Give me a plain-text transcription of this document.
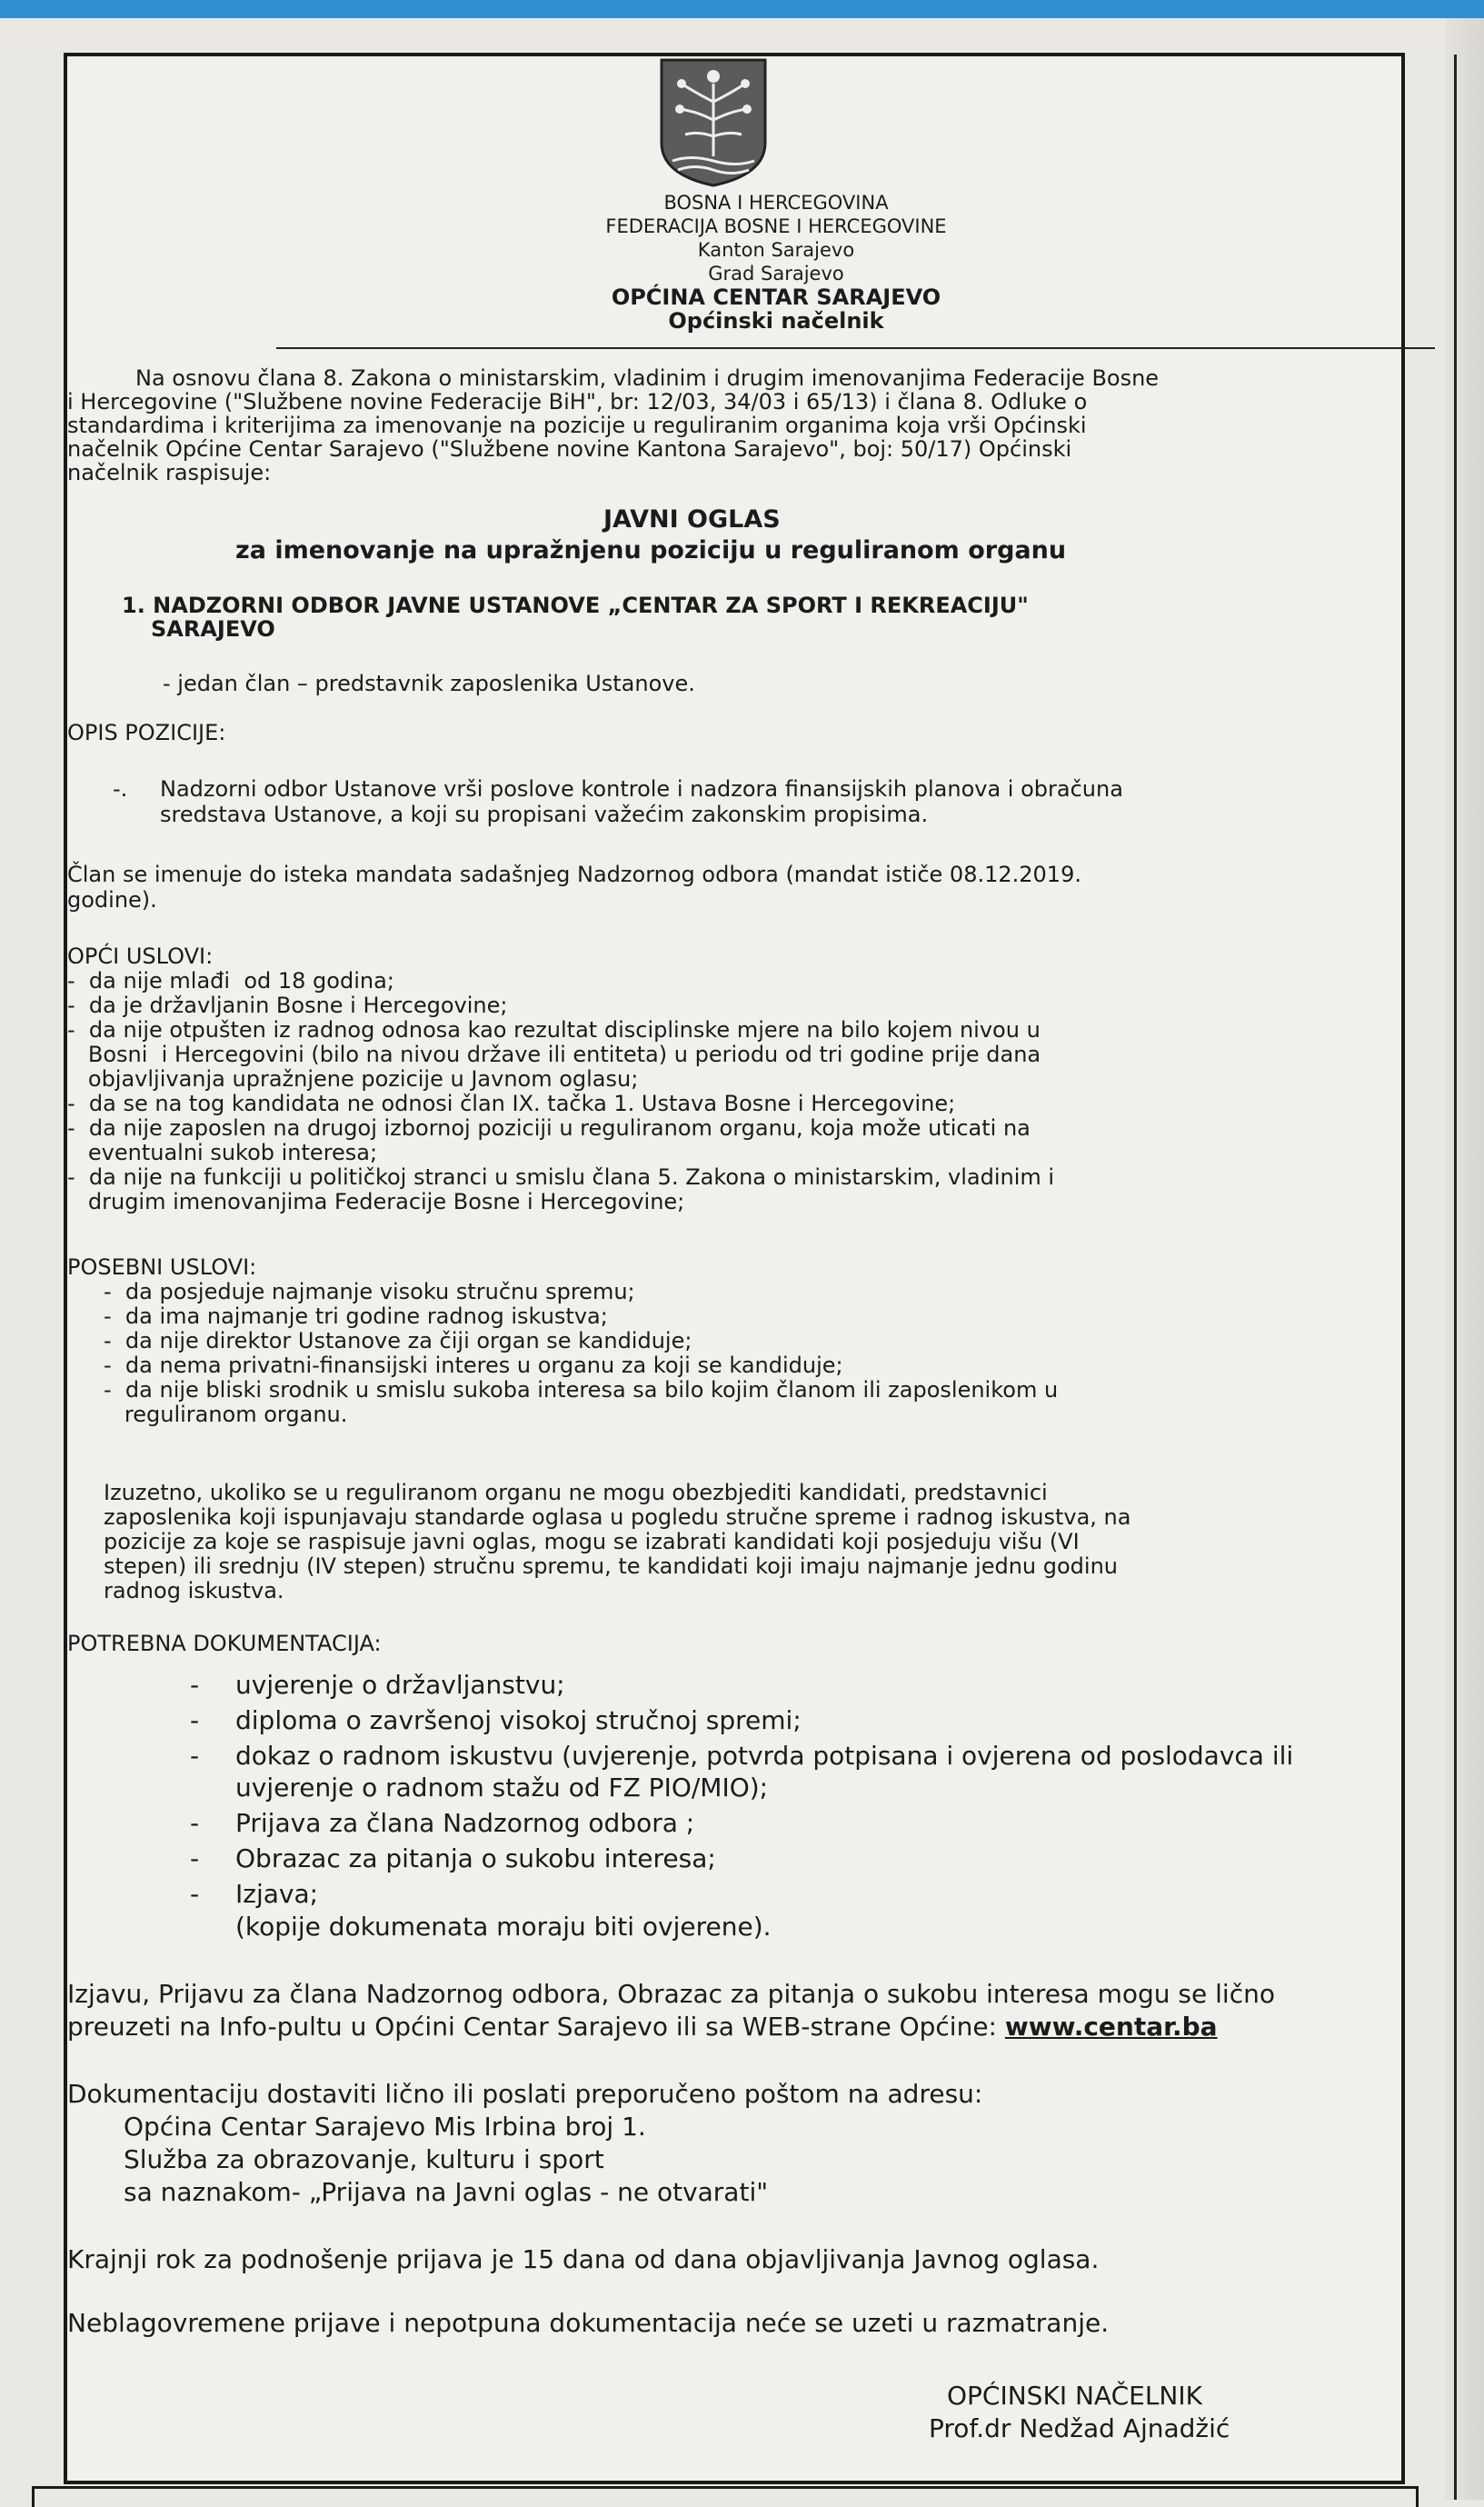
BOSNA I HERCEGOVINA
FEDERACIJA BOSNE I HERCEGOVINE
Kanton Sarajevo
Grad Sarajevo
OPĆINA CENTAR SARAJEVO
Općinski načelnik
Na osnovu člana 8. Zakona o ministarskim, vladinim i drugim imenovanjima Federacije Bosne
i Hercegovine ("Službene novine Federacije BiH", br: 12/03, 34/03 i 65/13) i člana 8. Odluke o
standardima i kriterijima za imenovanje na pozicije u reguliranim organima koja vrši Općinski
načelnik Općine Centar Sarajevo ("Službene novine Kantona Sarajevo", boj: 50/17) Općinski
načelnik raspisuje:
JAVNI OGLAS
za imenovanje na upražnjenu poziciju u reguliranom organu
1. NADZORNI ODBOR JAVNE USTANOVE „CENTAR ZA SPORT I REKREACIJU"
SARAJEVO
- jedan član – predstavnik zaposlenika Ustanove.
OPIS POZICIJE:
-. Nadzorni odbor Ustanove vrši poslove kontrole i nadzora finansijskih planova i obračuna
sredstava Ustanove, a koji su propisani važećim zakonskim propisima.
Član se imenuje do isteka mandata sadašnjeg Nadzornog odbora (mandat ističe 08.12.2019.
godine).
OPĆI USLOVI:
-  da nije mlađi  od 18 godina;
-  da je državljanin Bosne i Hercegovine;
-  da nije otpušten iz radnog odnosa kao rezultat disciplinske mjere na bilo kojem nivou u
Bosni  i Hercegovini (bilo na nivou države ili entiteta) u periodu od tri godine prije dana
objavljivanja upražnjene pozicije u Javnom oglasu;
-  da se na tog kandidata ne odnosi član IX. tačka 1. Ustava Bosne i Hercegovine;
-  da nije zaposlen na drugoj izbornoj poziciji u reguliranom organu, koja može uticati na
eventualni sukob interesa;
-  da nije na funkciji u političkoj stranci u smislu člana 5. Zakona o ministarskim, vladinim i
drugim imenovanjima Federacije Bosne i Hercegovine;
POSEBNI USLOVI:
-  da posjeduje najmanje visoku stručnu spremu;
-  da ima najmanje tri godine radnog iskustva;
-  da nije direktor Ustanove za čiji organ se kandiduje;
-  da nema privatni-finansijski interes u organu za koji se kandiduje;
-  da nije bliski srodnik u smislu sukoba interesa sa bilo kojim članom ili zaposlenikom u
reguliranom organu.
Izuzetno, ukoliko se u reguliranom organu ne mogu obezbjediti kandidati, predstavnici
zaposlenika koji ispunjavaju standarde oglasa u pogledu stručne spreme i radnog iskustva, na
pozicije za koje se raspisuje javni oglas, mogu se izabrati kandidati koji posjeduju višu (VI
stepen) ili srednju (IV stepen) stručnu spremu, te kandidati koji imaju najmanje jednu godinu
radnog iskustva.
POTREBNA DOKUMENTACIJA:
- uvjerenje o državljanstvu;
- diploma o završenoj visokoj stručnoj spremi;
- dokaz o radnom iskustvu (uvjerenje, potvrda potpisana i ovjerena od poslodavca ili
uvjerenje o radnom stažu od FZ PIO/MIO);
- Prijava za člana Nadzornog odbora ;
- Obrazac za pitanja o sukobu interesa;
- Izjava;
(kopije dokumenata moraju biti ovjerene).
Izjavu, Prijavu za člana Nadzornog odbora, Obrazac za pitanja o sukobu interesa mogu se lično
preuzeti na Info-pultu u Općini Centar Sarajevo ili sa WEB-strane Općine: www.centar.ba
Dokumentaciju dostaviti lično ili poslati preporučeno poštom na adresu:
Općina Centar Sarajevo Mis Irbina broj 1.
Služba za obrazovanje, kulturu i sport
sa naznakom- „Prijava na Javni oglas - ne otvarati"
Krajnji rok za podnošenje prijava je 15 dana od dana objavljivanja Javnog oglasa.
Neblagovremene prijave i nepotpuna dokumentacija neće se uzeti u razmatranje.
OPĆINSKI NAČELNIK
Prof.dr Nedžad Ajnadžić
